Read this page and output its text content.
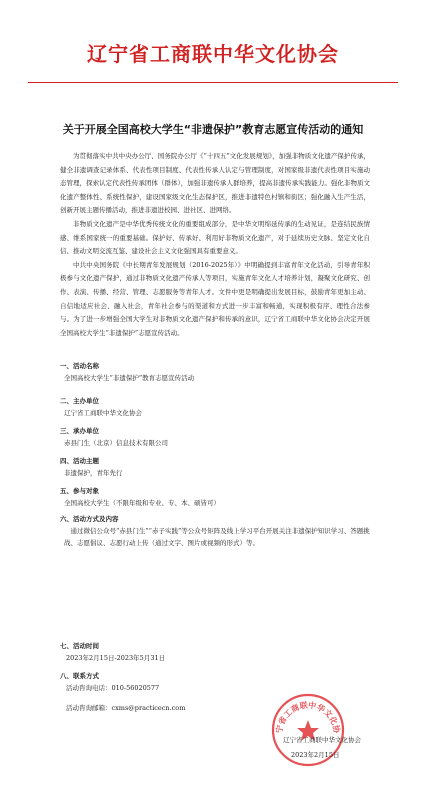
辽宁省工商联中华文化协会
关于开展全国高校大学生“非遗保护”教育志愿宣传活动的通知

为贯彻落实中共中央办公厅、国务院办公厅《“十四五”文化发展规划》，加强非物质文化遗产保护传承，健全非遗调查记录体系、代表性项目制度、代表性传承人认定与管理制度，对国家级非遗代表性项目实施动态管理，探索认定代表性传承团体（群体），加强非遗传承人群培养，提高非遗传承实践能力。强化非物质文化遗产整体性、系统性保护，建设国家级文化生态保护区，推进非遗特色村镇和街区；强化融入生产生活，创新开展主题传播活动，推进非遗进校园、进社区、进网络。

非物质文化遗产是中华优秀传统文化的重要组成部分，是中华文明绵延传承的生动见证，是连结民族情感、维系国家统一的重要基础。保护好、传承好、利用好非物质文化遗产，对于延续历史文脉、坚定文化自信、推动文明交流互鉴、建设社会主义文化强国具有重要意义。

中共中央国务院《中长期青年发展规划（2016-2025年）》中明确提到丰富青年文化活动，引导青年积极参与文化遗产保护，通过非物质文化遗产传承人等项目，实施青年文化人才培养计划，凝聚文化研究、创作、表演、传播、经营、管理、志愿服务等青年人才。文件中更是明确提出发展目标，鼓励青年更加主动、自信地适应社会、融入社会，青年社会参与的渠道和方式进一步丰富和畅通，实现积极有序、理性合法参与。为了进一步增强全国大学生对非物质文化遗产保护和传承的意识，辽宁省工商联中华文化协会决定开展全国高校大学生“非遗保护”志愿宣传活动。

一、活动名称
全国高校大学生“非遗保护”教育志愿宣传活动
二、主办单位
辽宁省工商联中华文化协会
三、承办单位
赤县门生（北京）信息技术有限公司
四、活动主题
非遗保护，青年先行
五、参与对象
全国高校大学生（不限年级和专业、专、本、硕皆可）
六、活动方式及内容
通过微信公众号“赤县门生”“赤子实践”等公众号矩阵及线上学习平台开展关注非遗保护知识学习、答题挑战、志愿倡议、志愿行动上传（通过文字、图片或视频的形式）等。
七、活动时间
2023年2月15日-2023年5月31日
八、联系方式
活动咨询电话：010-56020577
活动咨询邮箱：cxms@practicecn.com
宁省工商联中华文化协
辽宁省工商联中华文化协会
2023年2月15日
